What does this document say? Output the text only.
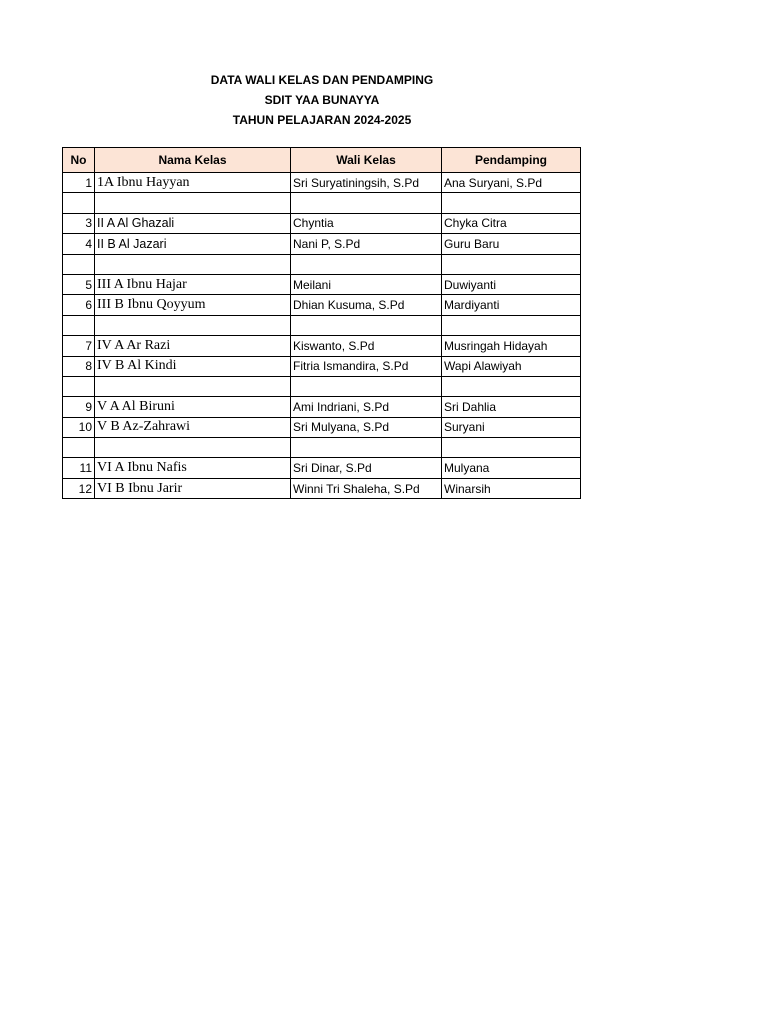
DATA WALI KELAS DAN PENDAMPING
SDIT YAA BUNAYYA
TAHUN PELAJARAN 2024-2025
No	Nama Kelas	Wali Kelas	Pendamping
1	1A Ibnu Hayyan	Sri Suryatiningsih, S.Pd	Ana Suryani, S.Pd

3	II A Al Ghazali	Chyntia	Chyka Citra
4	II B Al Jazari	Nani P, S.Pd	Guru Baru

5	III A Ibnu Hajar	Meilani	Duwiyanti
6	III B Ibnu Qoyyum	Dhian Kusuma, S.Pd	Mardiyanti

7	IV A Ar Razi	Kiswanto, S.Pd	Musringah Hidayah
8	IV B Al Kindi	Fitria Ismandira, S.Pd	Wapi Alawiyah

9	V A Al Biruni	Ami Indriani, S.Pd	Sri Dahlia
10	V B Az-Zahrawi	Sri Mulyana, S.Pd	Suryani

11	VI A Ibnu Nafis	Sri Dinar, S.Pd	Mulyana
12	VI B Ibnu Jarir	Winni Tri Shaleha, S.Pd	Winarsih
